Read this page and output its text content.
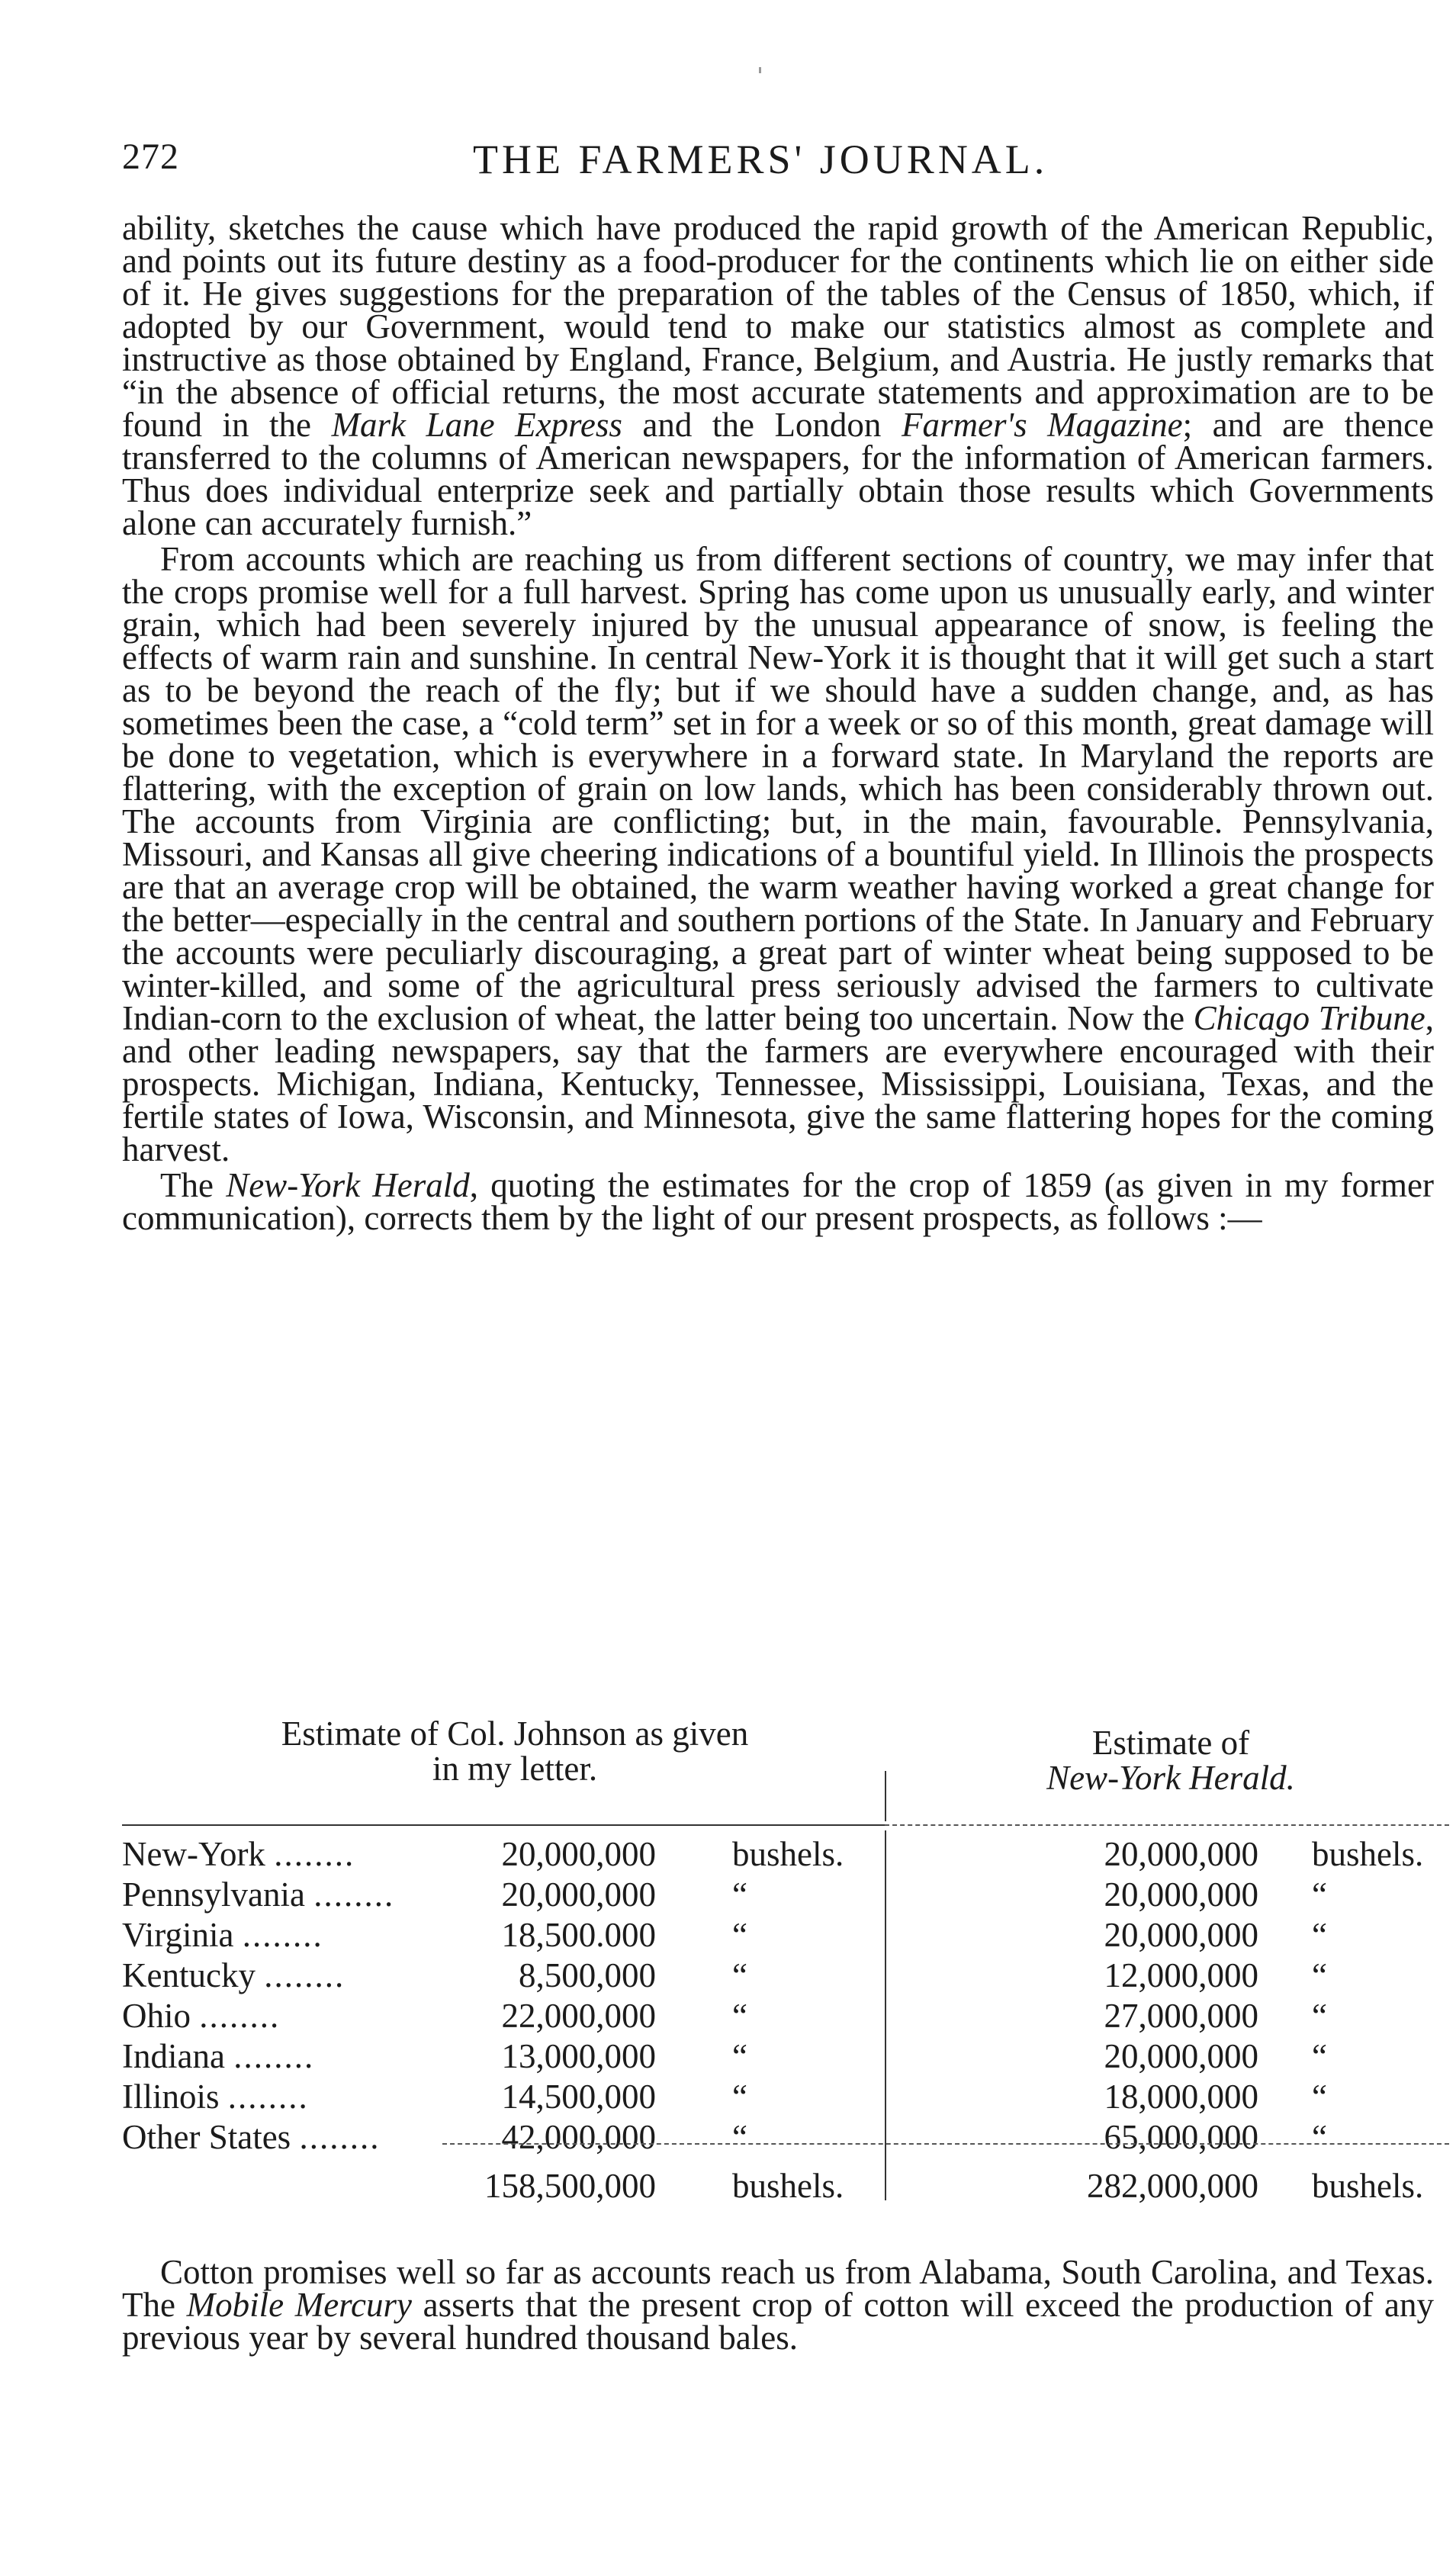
272	THE FARMERS' JOURNAL.

ability, sketches the cause which have produced the rapid growth of the American Republic, and points out its future destiny as a food-producer for the continents which lie on either side of it. He gives suggestions for the preparation of the tables of the Census of 1850, which, if adopted by our Government, would tend to make our statistics almost as complete and instructive as those obtained by England, France, Belgium, and Austria. He justly remarks that “in the absence of official returns, the most accurate statements and approximation are to be found in the Mark Lane Express and the London Farmer's Magazine; and are thence transferred to the columns of American newspapers, for the information of American farmers. Thus does individual enterprize seek and partially obtain those results which Governments alone can accurately furnish.”

From accounts which are reaching us from different sections of country, we may infer that the crops promise well for a full harvest. Spring has come upon us unusually early, and winter grain, which had been severely injured by the unusual appearance of snow, is feeling the effects of warm rain and sunshine. In central New-York it is thought that it will get such a start as to be beyond the reach of the fly; but if we should have a sudden change, and, as has sometimes been the case, a “cold term” set in for a week or so of this month, great damage will be done to vegetation, which is everywhere in a forward state. In Maryland the reports are flattering, with the exception of grain on low lands, which has been considerably thrown out. The accounts from Virginia are conflicting; but, in the main, favourable. Pennsylvania, Missouri, and Kansas all give cheering indications of a bountiful yield. In Illinois the prospects are that an average crop will be obtained, the warm weather having worked a great change for the better—especially in the central and southern portions of the State. In January and February the accounts were peculiarly discouraging, a great part of winter wheat being supposed to be winter-killed, and some of the agricultural press seriously advised the farmers to cultivate Indian-corn to the exclusion of wheat, the latter being too uncertain. Now the Chicago Tribune, and other leading newspapers, say that the farmers are everywhere encouraged with their prospects. Michigan, Indiana, Kentucky, Tennessee, Mississippi, Louisiana, Texas, and the fertile states of Iowa, Wisconsin, and Minnesota, give the same flattering hopes for the coming harvest.

The New-York Herald, quoting the estimates for the crop of 1859 (as given in my former communication), corrects them by the light of our present prospects, as follows :—

Estimate of Col. Johnson as given
in my letter.
Estimate of
New-York Herald.
New-York ........	20,000,000 bushels.	20,000,000 bushels.
Pennsylvania ........	20,000,000 “	20,000,000 “
Virginia ........	18,500.000 “	20,000,000 “
Kentucky ........	8,500,000 “	12,000,000 “
Ohio ........	22,000,000 “	27,000,000 “
Indiana ........	13,000,000 “	20,000,000 “
Illinois ........	14,500,000 “	18,000,000 “
Other States ........	42,000,000 “	65,000,000 “
158,500,000 bushels.	282,000,000 bushels.

Cotton promises well so far as accounts reach us from Alabama, South Carolina, and Texas. The Mobile Mercury asserts that the present crop of cotton will exceed the production of any previous year by several hundred thousand bales.
